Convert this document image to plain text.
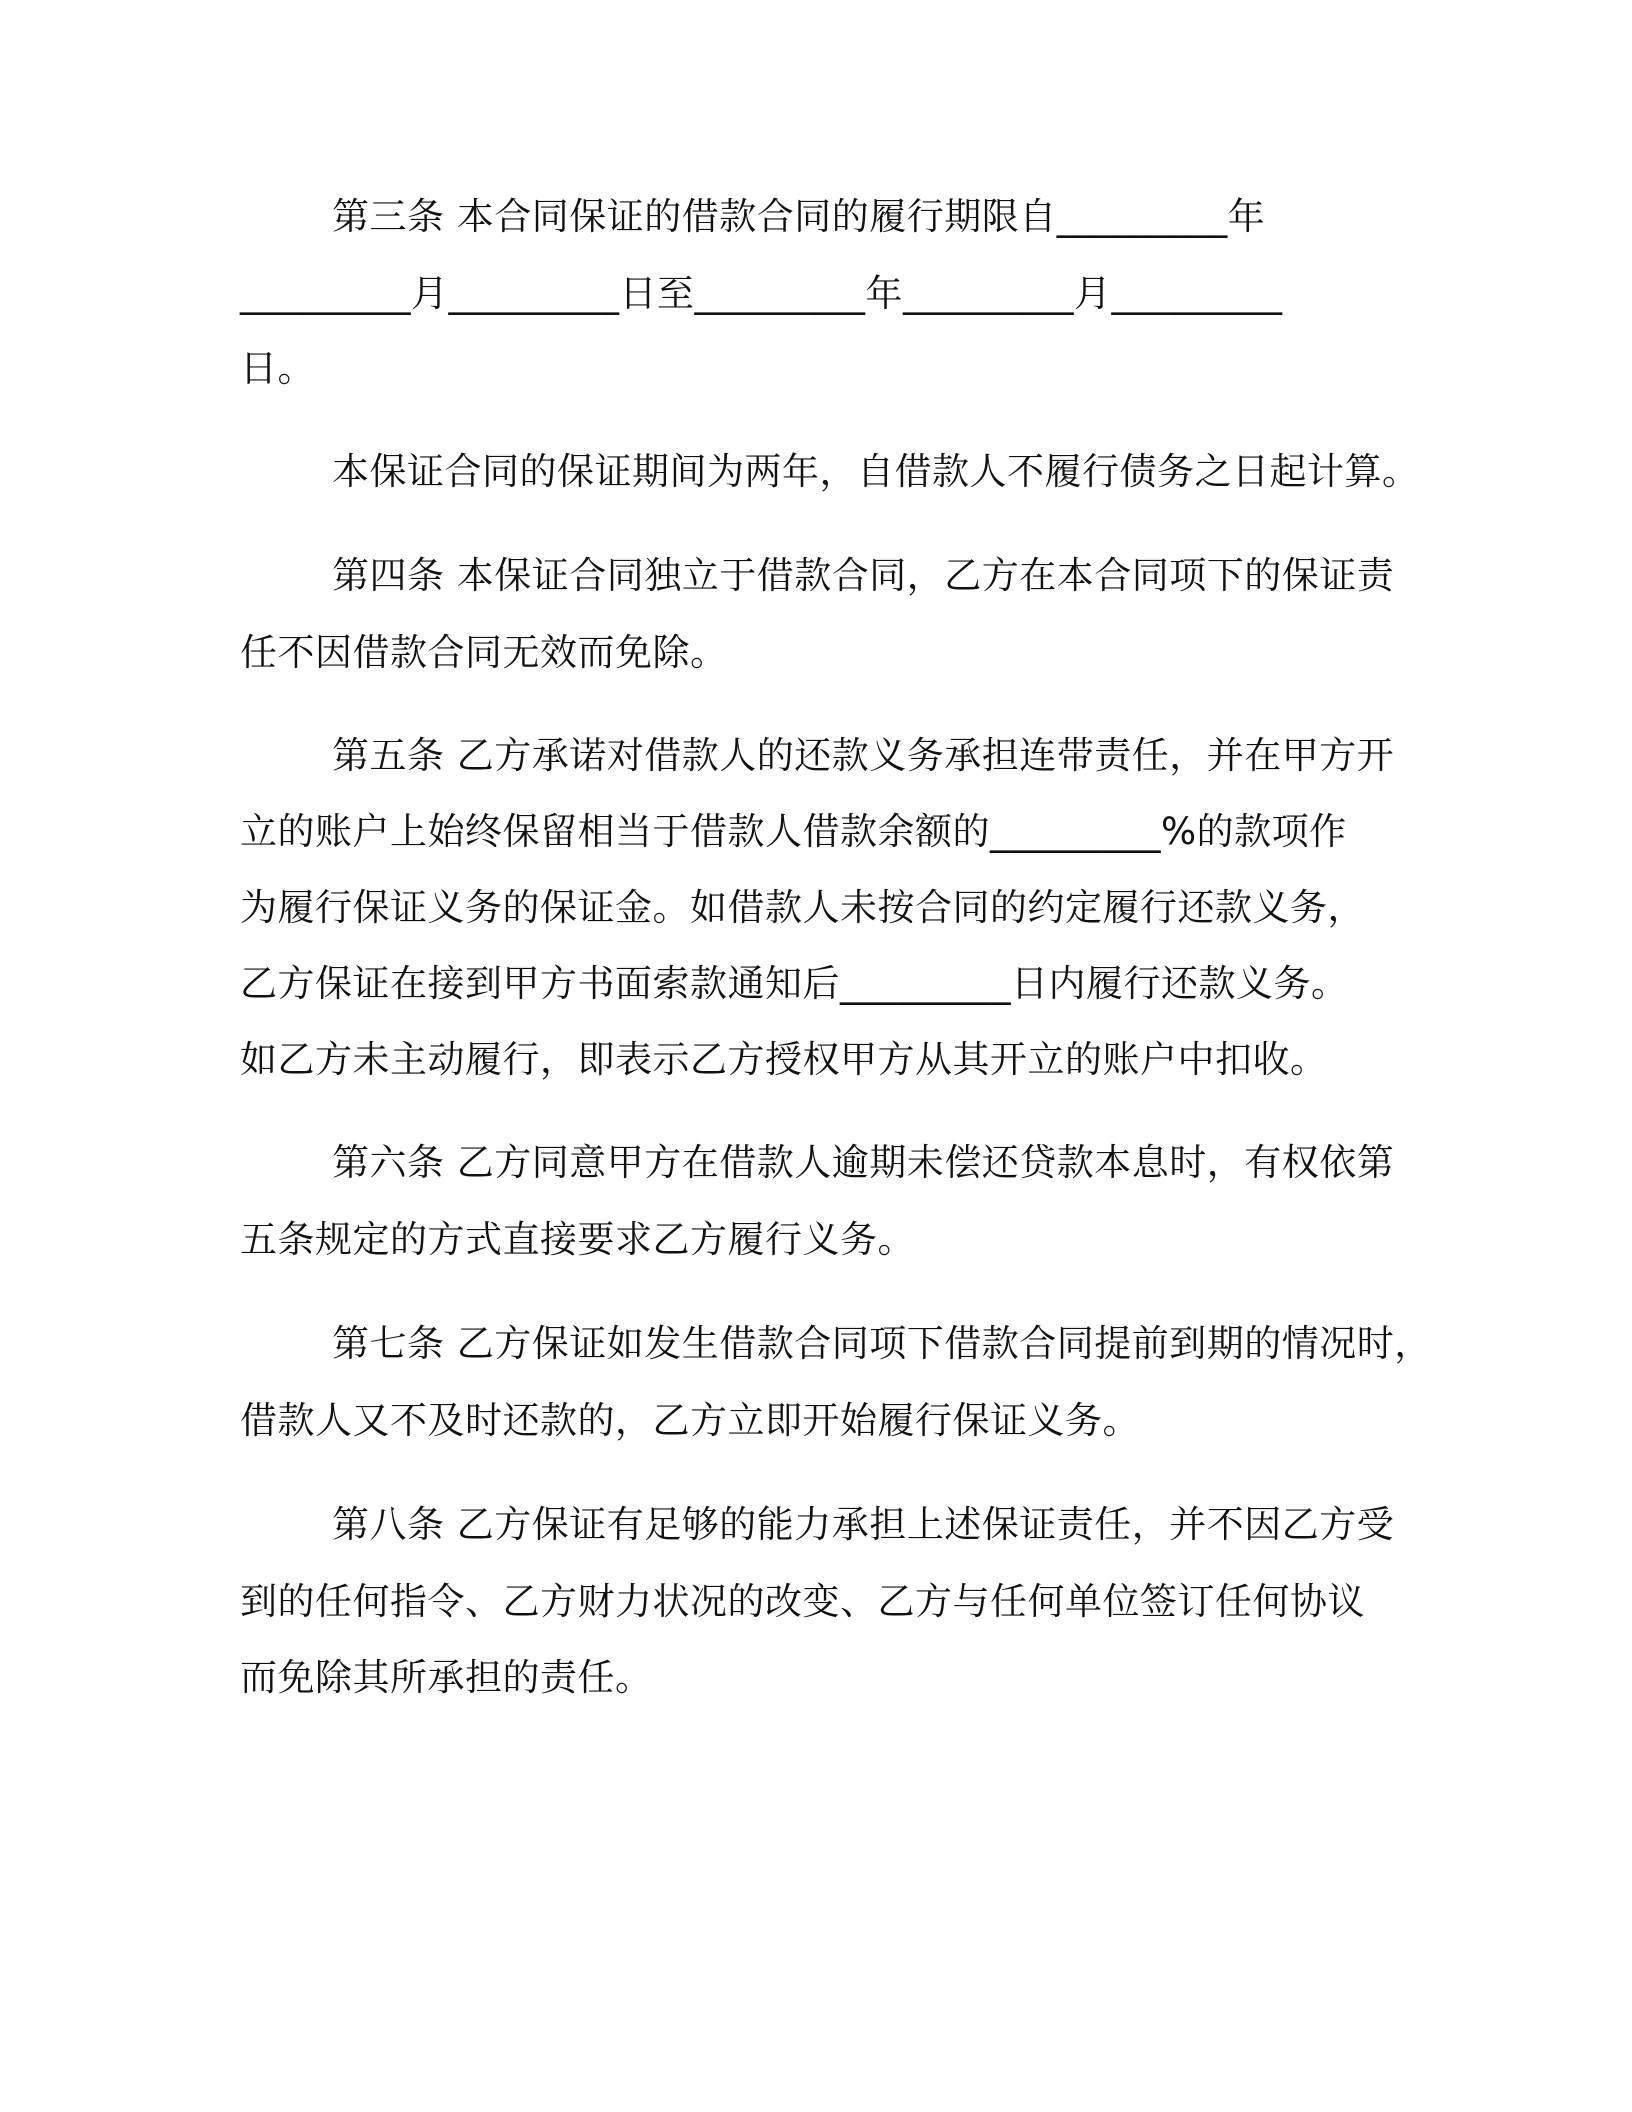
第三条 本合同保证的借款合同的履行期限自_________年
_________月_________日至_________年_________月_________
日。
本保证合同的保证期间为两年，自借款人不履行债务之日起计算。
第四条 本保证合同独立于借款合同，乙方在本合同项下的保证责
任不因借款合同无效而免除。
第五条 乙方承诺对借款人的还款义务承担连带责任，并在甲方开
立的账户上始终保留相当于借款人借款余额的_________%的款项作
为履行保证义务的保证金。如借款人未按合同的约定履行还款义务，
乙方保证在接到甲方书面索款通知后_________日内履行还款义务。
如乙方未主动履行，即表示乙方授权甲方从其开立的账户中扣收。
第六条 乙方同意甲方在借款人逾期未偿还贷款本息时，有权依第
五条规定的方式直接要求乙方履行义务。
第七条 乙方保证如发生借款合同项下借款合同提前到期的情况时，
借款人又不及时还款的，乙方立即开始履行保证义务。
第八条 乙方保证有足够的能力承担上述保证责任，并不因乙方受
到的任何指令、乙方财力状况的改变、乙方与任何单位签订任何协议
而免除其所承担的责任。
